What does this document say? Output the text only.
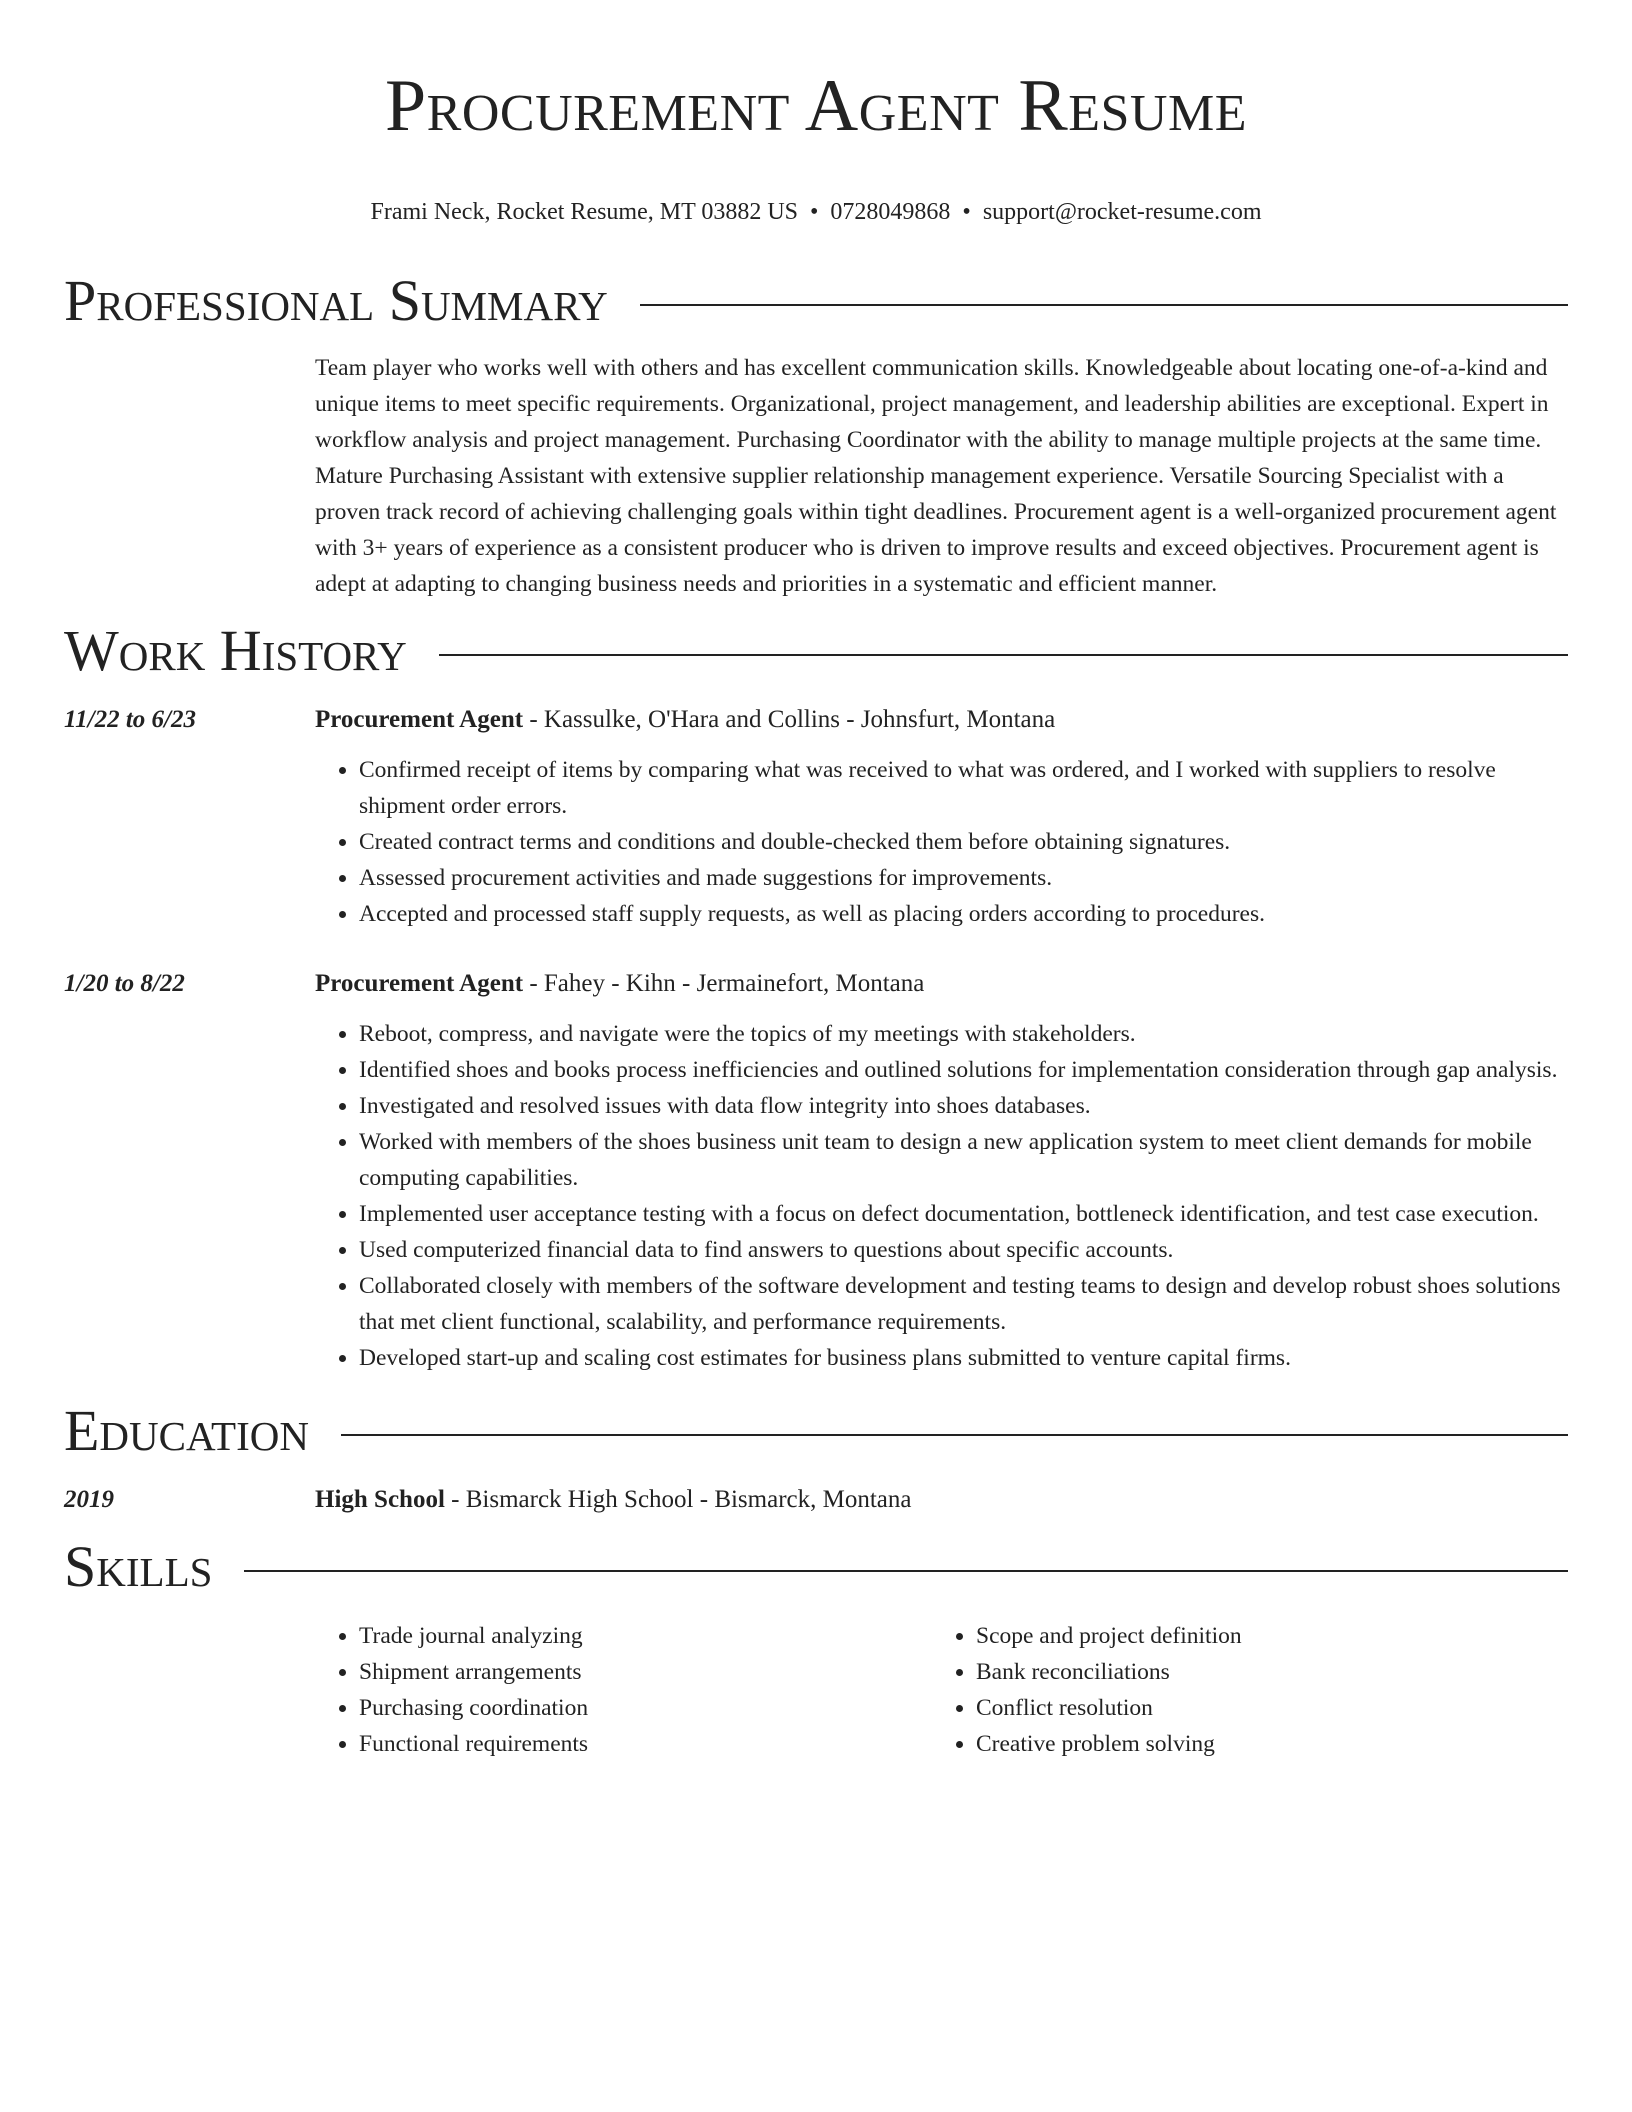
Procurement Agent Resume
Frami Neck, Rocket Resume, MT 03882 US • 0728049868 • support@rocket-resume.com
Professional Summary

Team player who works well with others and has excellent communication skills. Knowledgeable about locating one-of-a-kind and unique items to meet specific requirements. Organizational, project management, and leadership abilities are exceptional. Expert in workflow analysis and project management. Purchasing Coordinator with the ability to manage multiple projects at the same time. Mature Purchasing Assistant with extensive supplier relationship management experience. Versatile Sourcing Specialist with a proven track record of achieving challenging goals within tight deadlines. Procurement agent is a well-organized procurement agent with 3+ years of experience as a consistent producer who is driven to improve results and exceed objectives. Procurement agent is adept at adapting to changing business needs and priorities in a systematic and efficient manner.

Work History
11/22 to 6/23	Procurement Agent - Kassulke, O'Hara and Collins - Johnsfurt, Montana

• Confirmed receipt of items by comparing what was received to what was ordered, and I worked with suppliers to resolve shipment order errors.
• Created contract terms and conditions and double-checked them before obtaining signatures.
• Assessed procurement activities and made suggestions for improvements.
• Accepted and processed staff supply requests, as well as placing orders according to procedures.
1/20 to 8/22	Procurement Agent - Fahey - Kihn - Jermainefort, Montana

• Reboot, compress, and navigate were the topics of my meetings with stakeholders.
• Identified shoes and books process inefficiencies and outlined solutions for implementation consideration through gap analysis.
• Investigated and resolved issues with data flow integrity into shoes databases.
• Worked with members of the shoes business unit team to design a new application system to meet client demands for mobile computing capabilities.
• Implemented user acceptance testing with a focus on defect documentation, bottleneck identification, and test case execution.
• Used computerized financial data to find answers to questions about specific accounts.
• Collaborated closely with members of the software development and testing teams to design and develop robust shoes solutions that met client functional, scalability, and performance requirements.
• Developed start-up and scaling cost estimates for business plans submitted to venture capital firms.
Education
2019	High School - Bismarck High School - Bismarck, Montana

Skills
• Trade journal analyzing
• Shipment arrangements
• Purchasing coordination
• Functional requirements
• Scope and project definition
• Bank reconciliations
• Conflict resolution
• Creative problem solving
